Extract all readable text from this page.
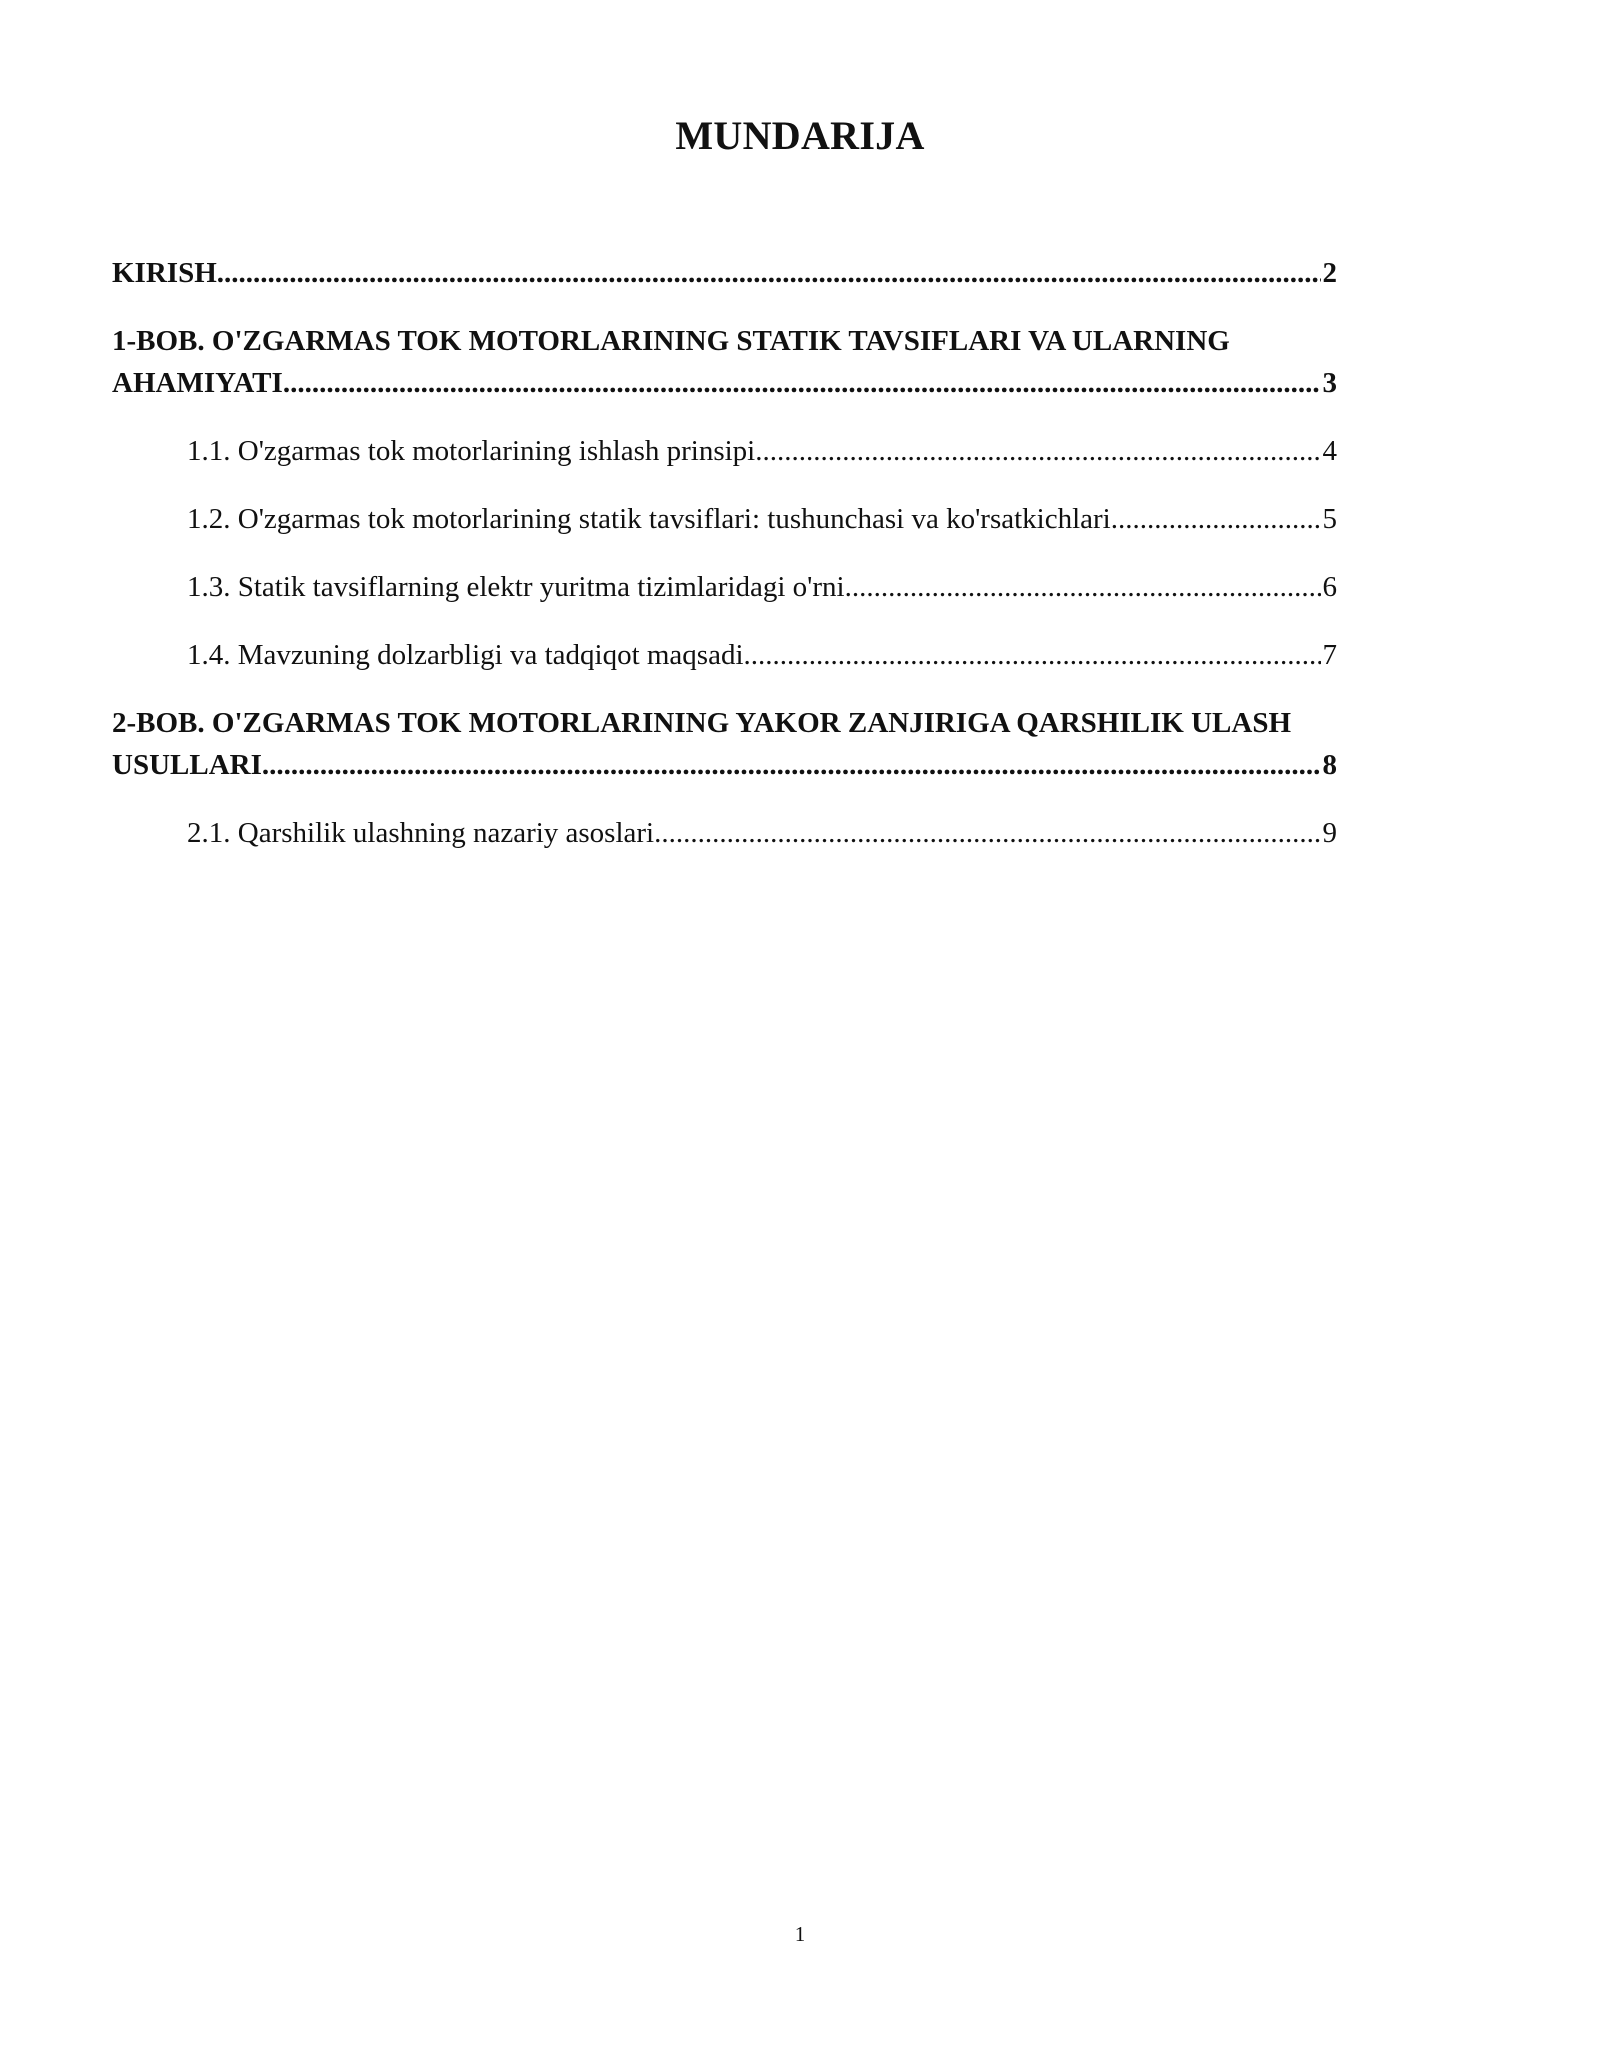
MUNDARIJA
KIRISH .....	2
1-BOB. O'ZGARMAS TOK MOTORLARINING STATIK TAVSIFLARI VA ULARNING
AHAMIYATI .....	3
1.1. O'zgarmas tok motorlarining ishlash prinsipi .....	4
1.2. O'zgarmas tok motorlarining statik tavsiflari: tushunchasi va ko'rsatkichlari .....	5
1.3. Statik tavsiflarning elektr yuritma tizimlaridagi o'rni .....	6
1.4. Mavzuning dolzarbligi va tadqiqot maqsadi .....	7
2-BOB. O'ZGARMAS TOK MOTORLARINING YAKOR ZANJIRIGA QARSHILIK ULASH
USULLARI .....	8
2.1. Qarshilik ulashning nazariy asoslari .....	9
1
